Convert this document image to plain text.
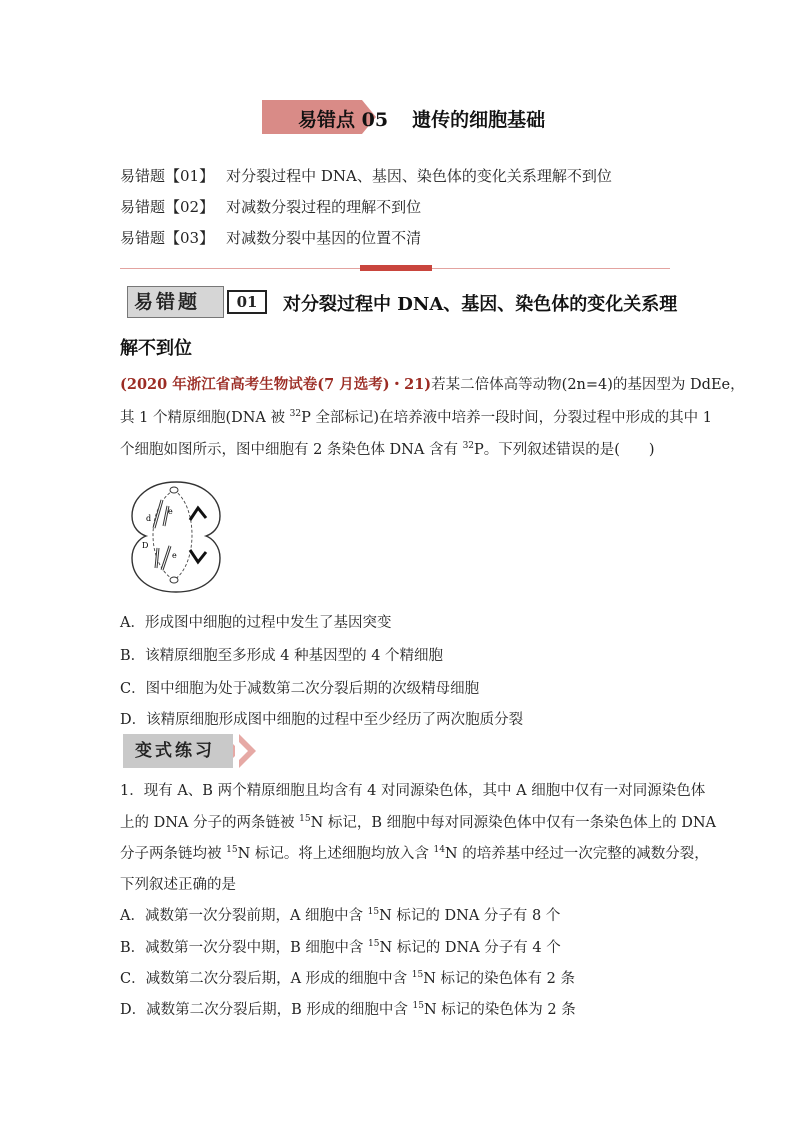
易错点 05 遗传的细胞基础
易错题【01】 对分裂过程中 DNA、基因、染色体的变化关系理解不到位
易错题【02】 对减数分裂过程的理解不到位
易错题【03】 对减数分裂中基因的位置不清
易错题	01	对分裂过程中 DNA、基因、染色体的变化关系理
解不到位
(2020 年浙江省高考生物试卷(7 月选考)・21)若某二倍体高等动物(2n=4)的基因型为 DdEe，
其 1 个精原细胞(DNA 被 $^{32}$P 全部标记)在培养液中培养一段时间，分裂过程中形成的其中 1
个细胞如图所示，图中细胞有 2 条染色体 DNA 含有 $^{32}$P。下列叙述错误的是(　　)
d
e
D
e
A．形成图中细胞的过程中发生了基因突变
B．该精原细胞至多形成 4 种基因型的 4 个精细胞
C．图中细胞为处于减数第二次分裂后期的次级精母细胞
D．该精原细胞形成图中细胞的过程中至少经历了两次胞质分裂
变式练习
1．现有 A、B 两个精原细胞且均含有 4 对同源染色体，其中 A 细胞中仅有一对同源染色体
上的 DNA 分子的两条链被 $^{15}$N 标记，B 细胞中每对同源染色体中仅有一条染色体上的 DNA
分子两条链均被 $^{15}$N 标记。将上述细胞均放入含 $^{14}$N 的培养基中经过一次完整的减数分裂，
下列叙述正确的是
A．减数第一次分裂前期，A 细胞中含 $^{15}$N 标记的 DNA 分子有 8 个
B．减数第一次分裂中期，B 细胞中含 $^{15}$N 标记的 DNA 分子有 4 个
C．减数第二次分裂后期，A 形成的细胞中含 $^{15}$N 标记的染色体有 2 条
D．减数第二次分裂后期，B 形成的细胞中含 $^{15}$N 标记的染色体为 2 条
